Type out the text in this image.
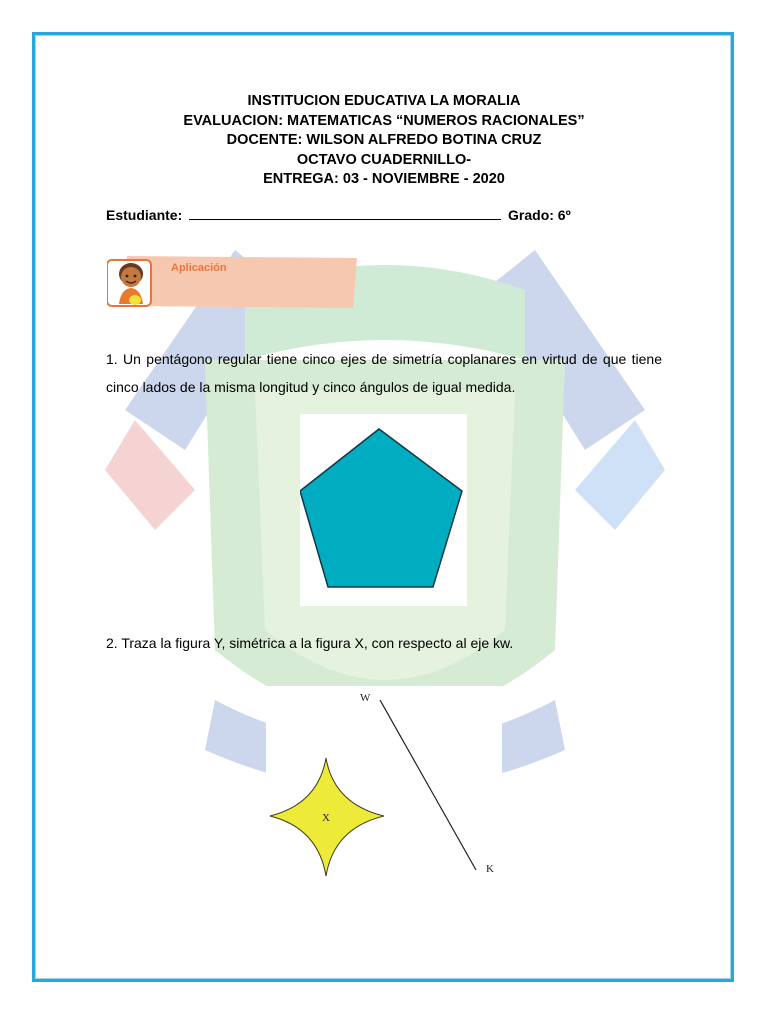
INSTITUCION EDUCATIVA LA MORALIA
EVALUACION: MATEMATICAS “NUMEROS RACIONALES”
DOCENTE: WILSON ALFREDO BOTINA CRUZ
OCTAVO CUADERNILLO-
ENTREGA: 03 - NOVIEMBRE - 2020
Estudiante:	Grado: 6º
Aplicación
1. Un pentágono regular tiene cinco ejes de simetría coplanares en virtud de que tiene cinco lados de la misma longitud y cinco ángulos de igual medida.
2. Traza la figura Y, simétrica a la figura X, con respecto al eje kw.
W
K
X
